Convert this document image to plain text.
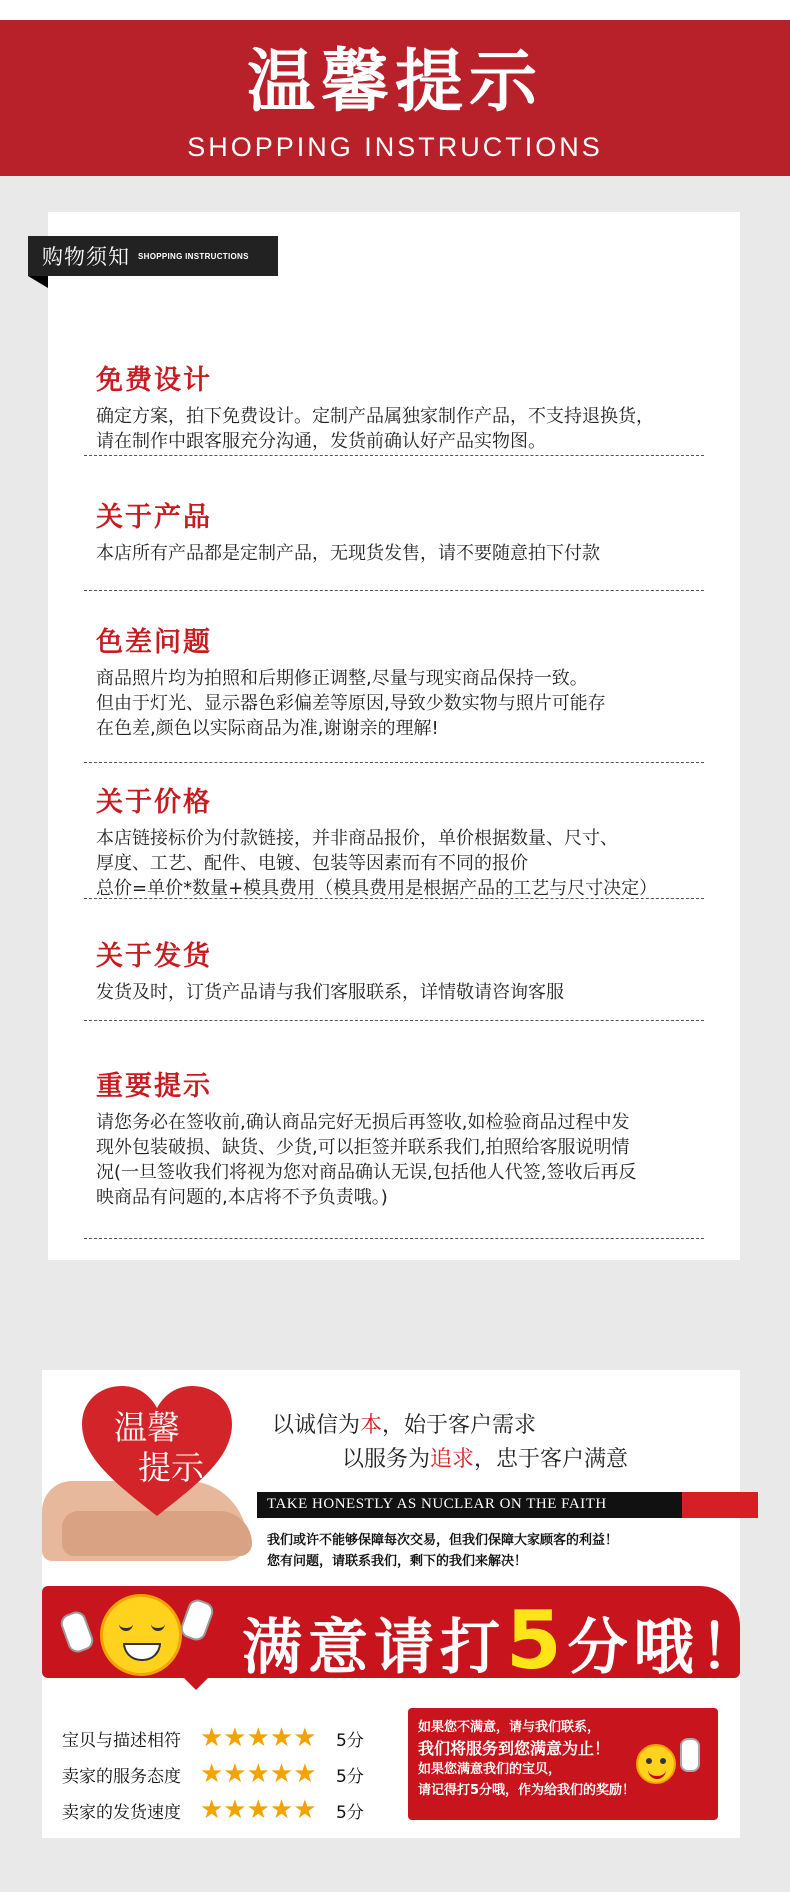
温馨提示
SHOPPING INSTRUCTIONS
购物须知 SHOPPING INSTRUCTIONS
免费设计
确定方案，拍下免费设计。定制产品属独家制作产品，不支持退换货，
请在制作中跟客服充分沟通，发货前确认好产品实物图。
关于产品
本店所有产品都是定制产品，无现货发售，请不要随意拍下付款
色差问题
商品照片均为拍照和后期修正调整,尽量与现实商品保持一致。
但由于灯光、显示器色彩偏差等原因,导致少数实物与照片可能存
在色差,颜色以实际商品为准,谢谢亲的理解!
关于价格
本店链接标价为付款链接，并非商品报价，单价根据数量、尺寸、
厚度、工艺、配件、电镀、包装等因素而有不同的报价
总价=单价*数量+模具费用（模具费用是根据产品的工艺与尺寸决定）
关于发货
发货及时，订货产品请与我们客服联系，详情敬请咨询客服
重要提示
请您务必在签收前,确认商品完好无损后再签收,如检验商品过程中发
现外包装破损、缺货、少货,可以拒签并联系我们,拍照给客服说明情
况(一旦签收我们将视为您对商品确认无误,包括他人代签,签收后再反
映商品有问题的,本店将不予负责哦。)
温馨
提示
以诚信为本，始于客户需求
以服务为追求，忠于客户满意
TAKE HONESTLY AS NUCLEAR ON THE FAITH
我们或许不能够保障每次交易，但我们保障大家顾客的利益！
您有问题，请联系我们，剩下的我们来解决！
满意请打5分哦！
宝贝与描述相符 ★★★★★	5分
卖家的服务态度 ★★★★★	5分
卖家的发货速度 ★★★★★	5分
如果您不满意，请与我们联系，
我们将服务到您满意为止！
如果您满意我们的宝贝，
请记得打5分哦，作为给我们的奖励！
